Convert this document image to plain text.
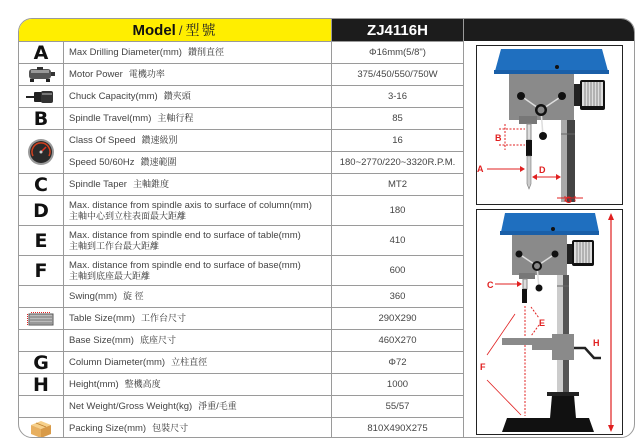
Model / 型號	ZJ4116H
A Max Drilling Diameter(mm) 鑽削直徑	Φ16mm(5/8")
Motor Power 電機功率	375/450/550/750W
Chuck Capacity(mm) 鑽夾頭	3-16
B Spindle Travel(mm) 主軸行程	85
Class Of Speed 鑽速級別	16
Speed 50/60Hz 鑽速範圍	180~2770/220~3320R.P.M.
C Spindle Taper 主軸錐度	MT2
D Max. distance from spindle axis to surface of column(mm)
主軸中心到立柱表面最大距離	180
E Max. distance from spindle end to surface of table(mm)
主軸到工作台最大距離	410
F Max. distance from spindle end to surface of base(mm)
主軸到底座最大距離	600
Swing(mm) 旋 徑	360
Table Size(mm) 工作台尺寸	290X290
Base Size(mm) 底座尺寸	460X270
G Column Diameter(mm) 立柱直徑	Φ72
H Height(mm) 整機高度	1000
Net Weight/Gross Weight(kg) 淨重/毛重	55/57
Packing Size(mm) 包裝尺寸	810X490X275
B
A	D
G
C
E
F
H
